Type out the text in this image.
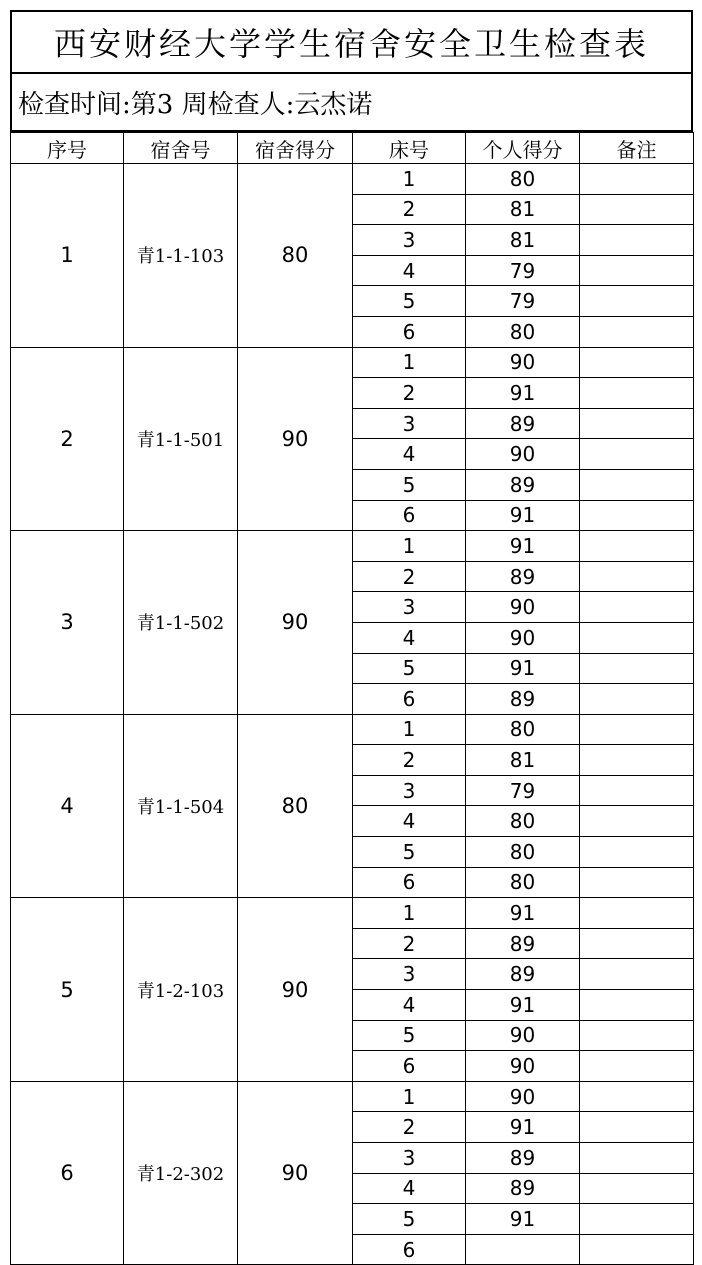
西安财经大学学生宿舍安全卫生检查表
检查时间:第3 周 检查人: 云杰诺
序号	宿舍号	宿舍得分	床号	个人得分	备注
1	青1-1-103	80	1	80	
			2	81	
			3	81	
			4	79	
			5	79	
			6	80	
2	青1-1-501	90	1	90	
			2	91	
			3	89	
			4	90	
			5	89	
			6	91	
3	青1-1-502	90	1	91	
			2	89	
			3	90	
			4	90	
			5	91	
			6	89	
4	青1-1-504	80	1	80	
			2	81	
			3	79	
			4	80	
			5	80	
			6	80	
5	青1-2-103	90	1	91	
			2	89	
			3	89	
			4	91	
			5	90	
			6	90	
6	青1-2-302	90	1	90	
			2	91	
			3	89	
			4	89	
			5	91	
			6		
